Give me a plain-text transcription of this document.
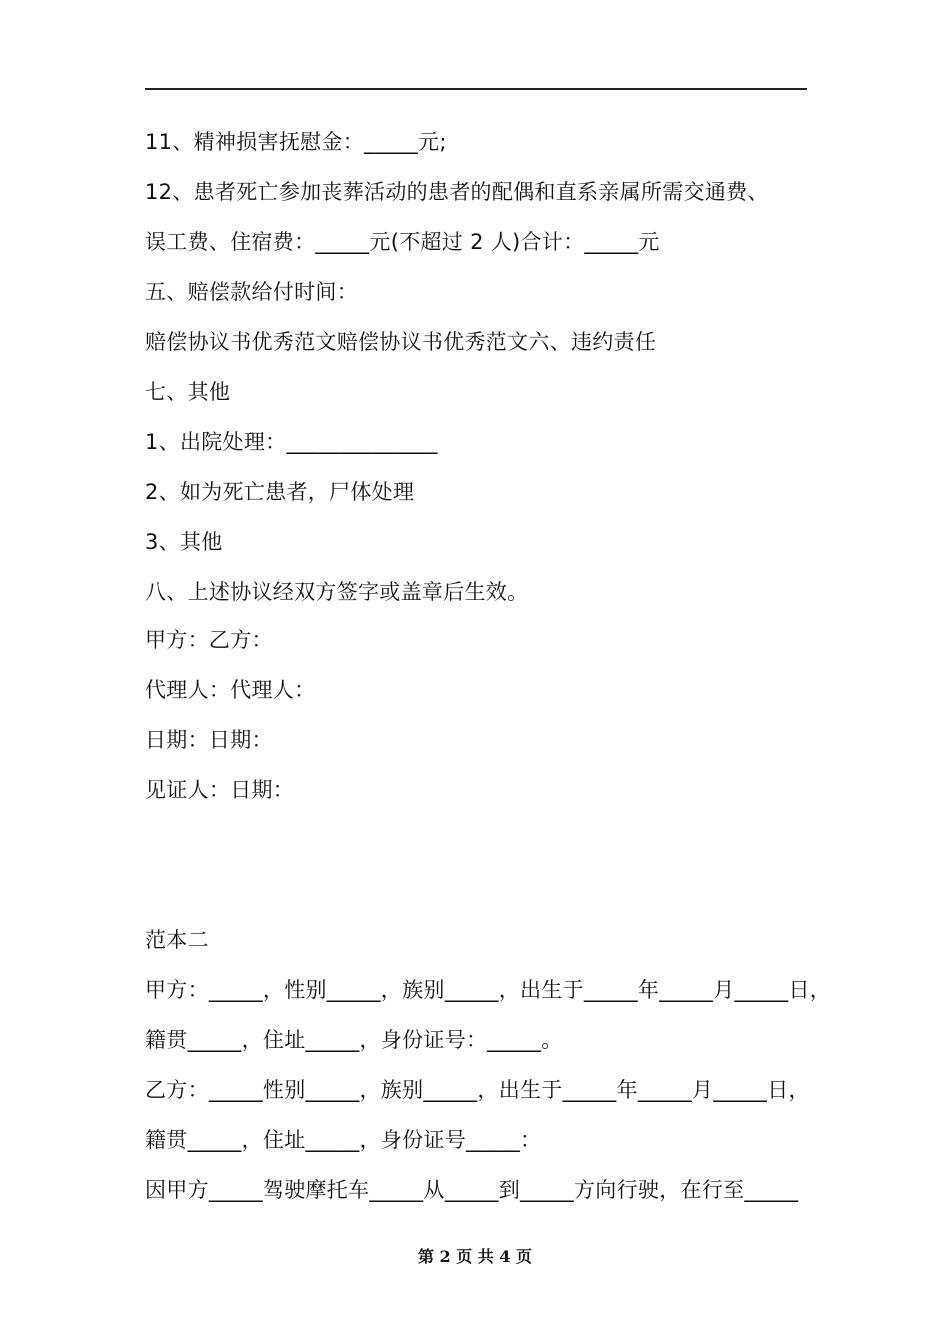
11、精神损害抚慰金：_____元;
12、患者死亡参加丧葬活动的患者的配偶和直系亲属所需交通费、
误工费、住宿费：_____元(不超过 2 人)合计：_____元
五、赔偿款给付时间：
赔偿协议书优秀范文赔偿协议书优秀范文六、违约责任
七、其他
1、出院处理：______________
2、如为死亡患者，尸体处理
3、其他
八、上述协议经双方签字或盖章后生效。
甲方：乙方：
代理人：代理人：
日期：日期：
见证人：日期：
范本二
甲方：_____，性别_____，族别_____，出生于_____年_____月_____日，
籍贯_____，住址_____，身份证号：_____。
乙方：_____性别_____，族别_____，出生于_____年_____月_____日，
籍贯_____，住址_____，身份证号_____：
因甲方_____驾驶摩托车_____从_____到_____方向行驶，在行至_____
第 2 页 共 4 页
